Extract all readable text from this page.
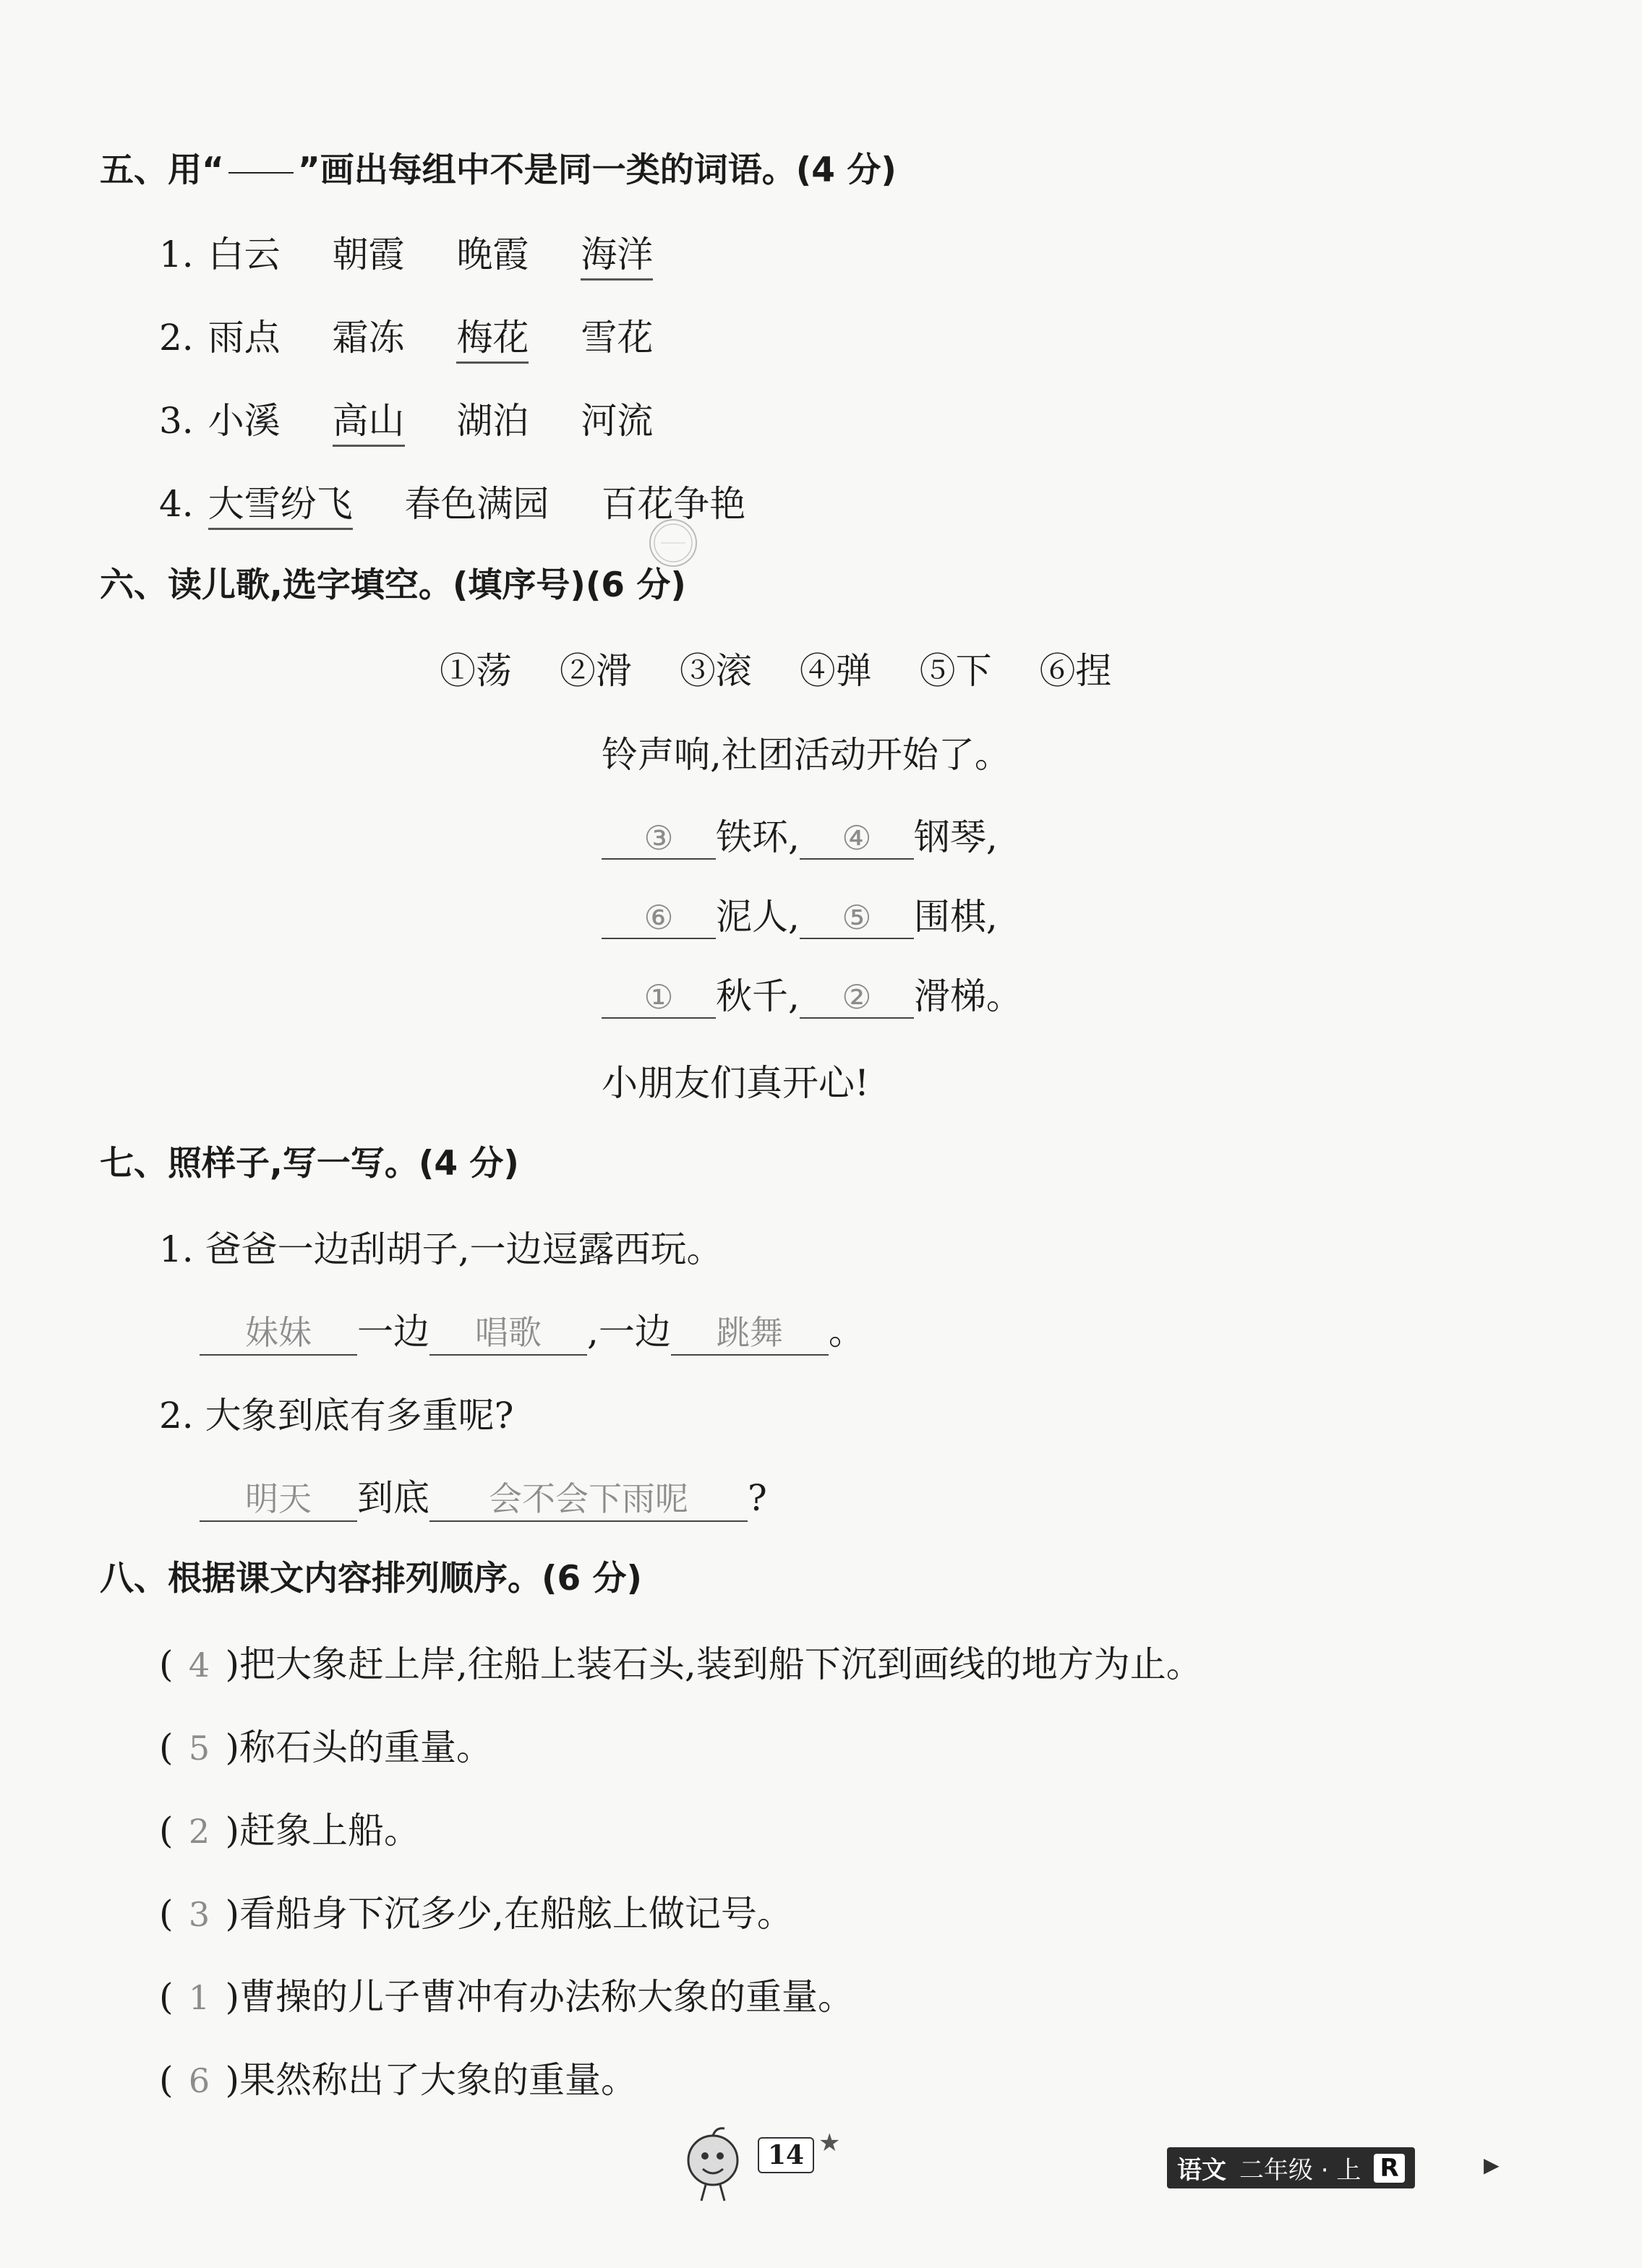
五、用“ ”画出每组中不是同一类的词语。(4 分)
1. 白云 朝霞 晚霞 海洋
2. 雨点 霜冻 梅花 雪花
3. 小溪 高山 湖泊 河流
4. 大雪纷飞 春色满园 百花争艳
六、读儿歌,选字填空。(填序号)(6 分)
①荡 ②滑 ③滚 ④弹 ⑤下 ⑥捏
铃声响,社团活动开始了。
③ 铁环, ④ 钢琴,
⑥ 泥人, ⑤ 围棋,
① 秋千, ② 滑梯。
小朋友们真开心!
七、照样子,写一写。(4 分)
1. 爸爸一边刮胡子,一边逗露西玩。
妹妹 一边 唱歌 ,一边 跳舞 。
2. 大象到底有多重呢?
明天 到底 会不会下雨呢 ?
八、根据课文内容排列顺序。(6 分)
( 4 )把大象赶上岸,往船上装石头,装到船下沉到画线的地方为止。
( 5 )称石头的重量。
( 2 )赶象上船。
( 3 )看船身下沉多少,在船舷上做记号。
( 1 )曹操的儿子曹冲有办法称大象的重量。
( 6 )果然称出了大象的重量。
14 ★
语文 二年级 · 上 R	▶
